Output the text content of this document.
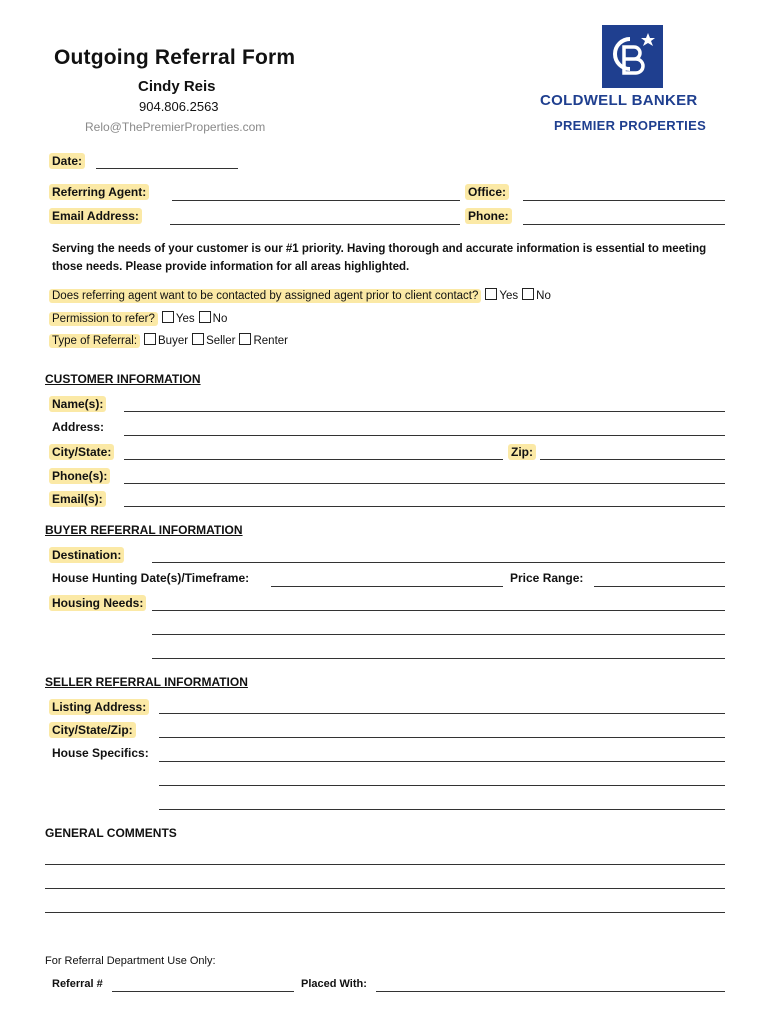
Outgoing Referral Form
Cindy Reis
904.806.2563
Relo@ThePremierProperties.com
COLDWELL BANKER
PREMIER PROPERTIES
Date:
Referring Agent:	Office:
Email Address:	Phone:
Serving the needs of your customer is our #1 priority. Having thorough and accurate information is essential to meeting those needs. Please provide information for all areas highlighted.
Does referring agent want to be contacted by assigned agent prior to client contact? Yes No
Permission to refer? Yes No
Type of Referral: Buyer Seller Renter
CUSTOMER INFORMATION
Name(s):
Address:
City/State:	Zip:
Phone(s):
Email(s):
BUYER REFERRAL INFORMATION
Destination:
House Hunting Date(s)/Timeframe:	Price Range:
Housing Needs:
SELLER REFERRAL INFORMATION
Listing Address:
City/State/Zip:
House Specifics:
GENERAL COMMENTS
For Referral Department Use Only:
Referral #	Placed With:
